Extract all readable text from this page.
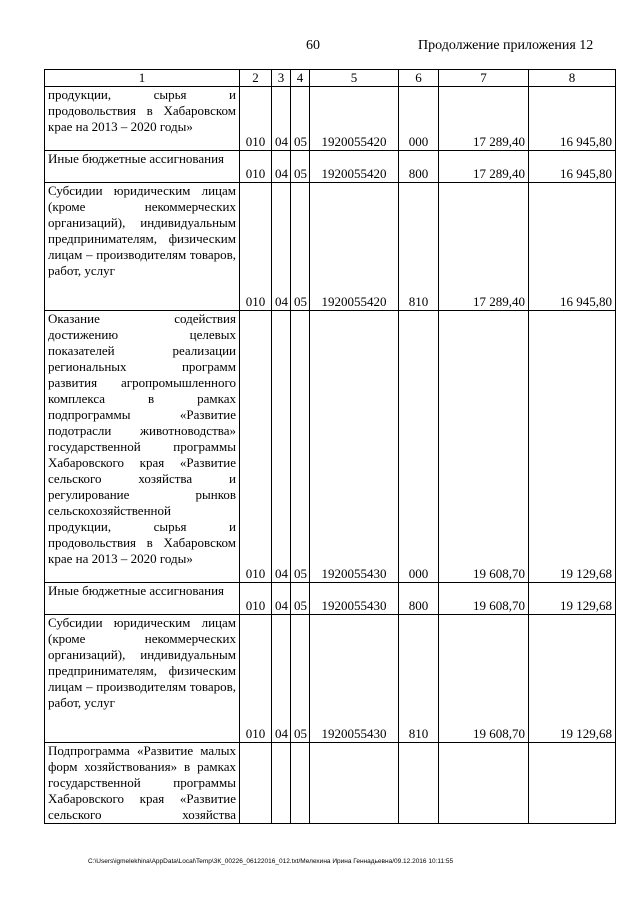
60	Продолжение приложения 12
1	2	3	4	5	6	7	8
продукции, сырья и продовольствия в Хабаровском крае на 2013 – 2020 годы»	010	04	05	1920055420	000	17 289,40	16 945,80
Иные бюджетные ассигнования	010	04	05	1920055420	800	17 289,40	16 945,80
Субсидии юридическим лицам (кроме некоммерческих организаций), индивидуальным предпринимателям, физическим лицам – производителям товаров, работ, услуг	010	04	05	1920055420	810	17 289,40	16 945,80
Оказание содействия достижению целевых показателей реализации региональных программ развития агропромышленного комплекса в рамках подпрограммы «Развитие подотрасли животноводства» государственной программы Хабаровского края «Развитие сельского хозяйства и регулирование рынков сельскохозяйственной продукции, сырья и продовольствия в Хабаровском крае на 2013 – 2020 годы»	010	04	05	1920055430	000	19 608,70	19 129,68
Иные бюджетные ассигнования	010	04	05	1920055430	800	19 608,70	19 129,68
Субсидии юридическим лицам (кроме некоммерческих организаций), индивидуальным предпринимателям, физическим лицам – производителям товаров, работ, услуг	010	04	05	1920055430	810	19 608,70	19 129,68
Подпрограмма «Развитие малых форм хозяйствования» в рамках государственной программы Хабаровского края «Развитие сельского хозяйства							
C:\Users\igmelekhina\AppData\Local\Temp\3К_00226_06122016_012.txt/Мелехина Ирина Геннадьевна/09.12.2016 10:11:55
